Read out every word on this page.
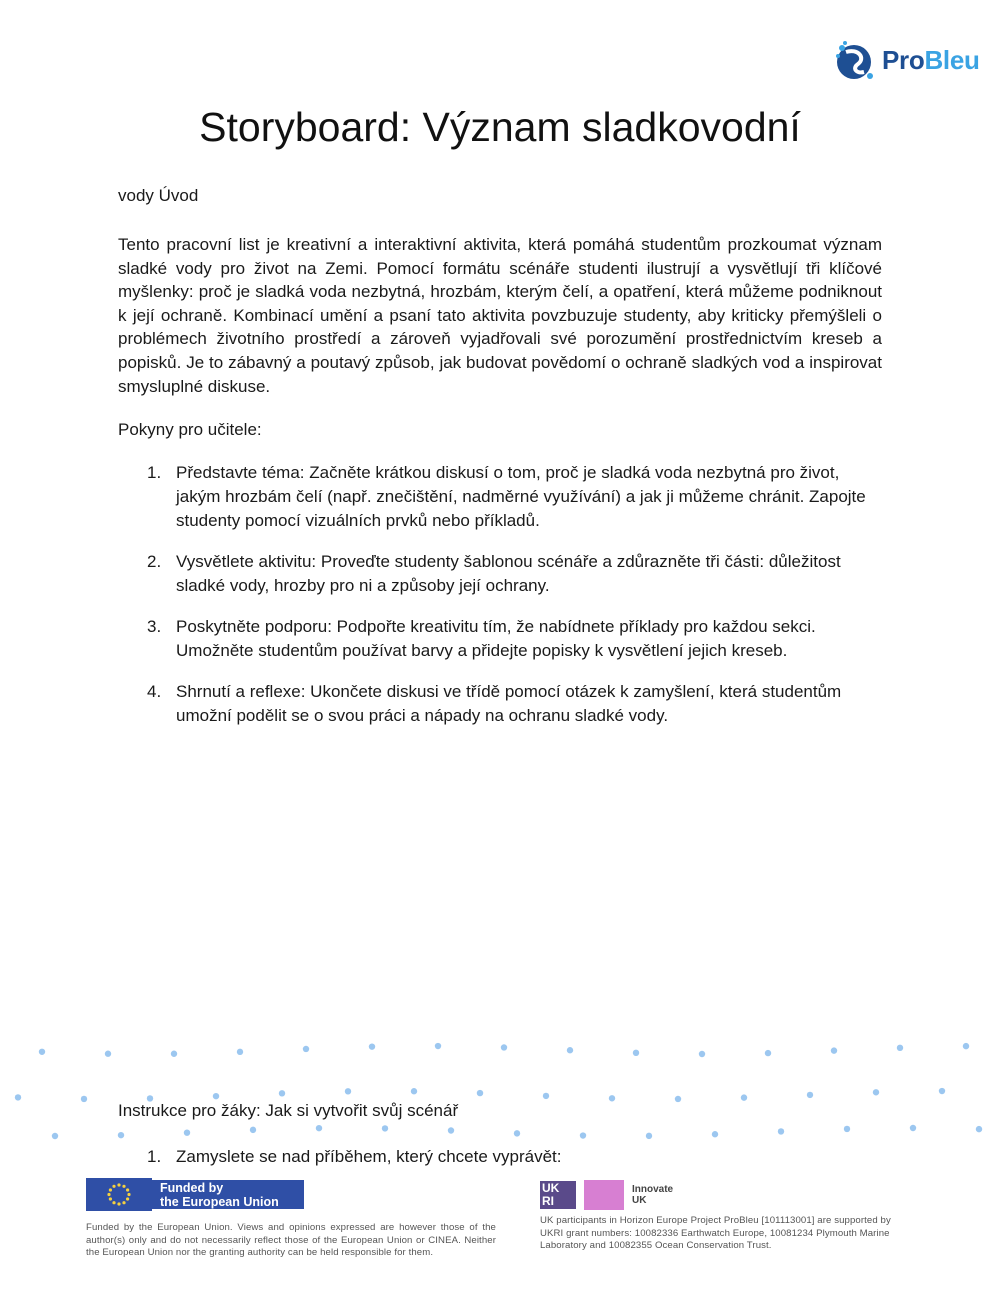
ProBleu
Storyboard: Význam sladkovodní
vody Úvod

Tento pracovní list je kreativní a interaktivní aktivita, která pomáhá studentům prozkoumat význam sladké vody pro život na Zemi. Pomocí formátu scénáře studenti ilustrují a vysvětlují tři klíčové myšlenky: proč je sladká voda nezbytná, hrozbám, kterým čelí, a opatření, která můžeme podniknout k její ochraně. Kombinací umění a psaní tato aktivita povzbuzuje studenty, aby kriticky přemýšleli o problémech životního prostředí a zároveň vyjadřovali své porozumění prostřednictvím kreseb a popisků. Je to zábavný a poutavý způsob, jak budovat povědomí o ochraně sladkých vod a inspirovat smysluplné diskuse.

Pokyny pro učitele:
1. Představte téma: Začněte krátkou diskusí o tom, proč je sladká voda nezbytná pro život, jakým hrozbám čelí (např. znečištění, nadměrné využívání) a jak ji můžeme chránit. Zapojte studenty pomocí vizuálních prvků nebo příkladů.
2. Vysvětlete aktivitu: Proveďte studenty šablonou scénáře a zdůrazněte tři části: důležitost sladké vody, hrozby pro ni a způsoby její ochrany.
3. Poskytněte podporu: Podpořte kreativitu tím, že nabídnete příklady pro každou sekci. Umožněte studentům používat barvy a přidejte popisky k vysvětlení jejich kreseb.
4. Shrnutí a reflexe: Ukončete diskusi ve třídě pomocí otázek k zamyšlení, která studentům umožní podělit se o svou práci a nápady na ochranu sladké vody.
Instrukce pro žáky: Jak si vytvořit svůj scénář
1. Zamyslete se nad příběhem, který chcete vyprávět:
Funded by
the European Union
Funded by the European Union. Views and opinions expressed are however those of the author(s) only and do not necessarily reflect those of the European Union or CINEA. Neither the European Union nor the granting authority can be held responsible for them.
UK
RI
Innovate
UK
UK participants in Horizon Europe Project ProBleu [101113001] are supported by UKRI grant numbers: 10082336 Earthwatch Europe, 10081234 Plymouth Marine Laboratory and 10082355 Ocean Conservation Trust.
